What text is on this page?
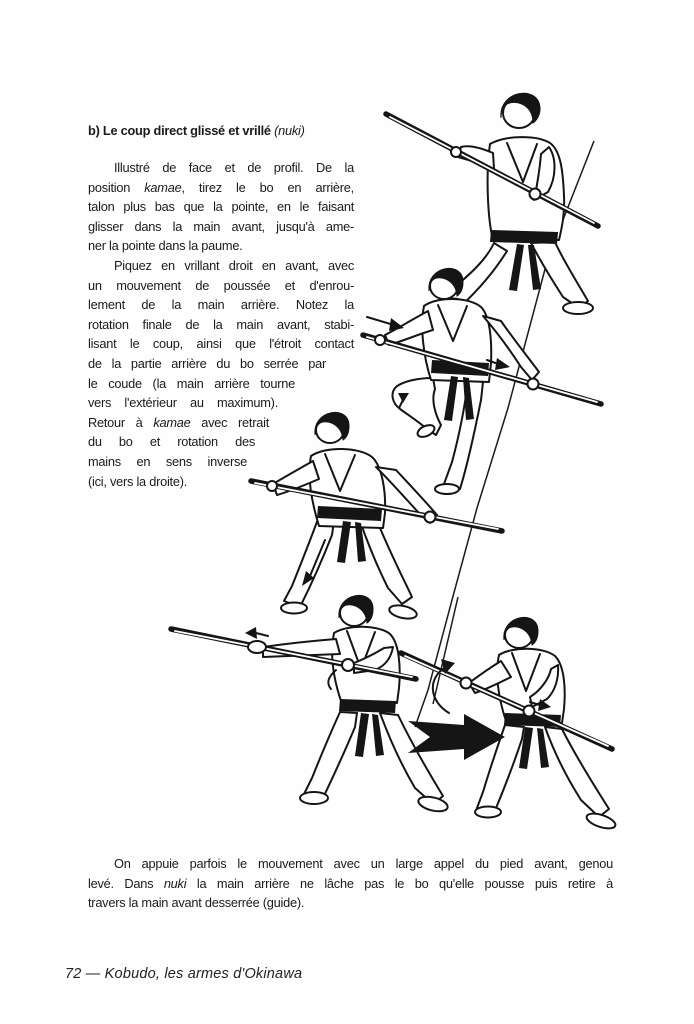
b) Le coup direct glissé et vrillé (nuki)
Illustré de face et de profil. De la
position kamae, tirez le bo en arrière,
talon plus bas que la pointe, en le faisant
glisser dans la main avant, jusqu'à ame-
ner la pointe dans la paume.
Piquez en vrillant droit en avant, avec
un mouvement de poussée et d'enrou-
lement de la main arrière. Notez la
rotation finale de la main avant, stabi-
lisant le coup, ainsi que l'étroit contact
de la partie arrière du bo serrée par
le coude (la main arrière tourne
vers l'extérieur au maximum).
Retour à kamae avec retrait
du bo et rotation des
mains en sens inverse
(ici, vers la droite).
On appuie parfois le mouvement avec un large appel du pied avant, genou
levé. Dans nuki la main arrière ne lâche pas le bo qu'elle pousse puis retire à
travers la main avant desserrée (guide).
72 — Kobudo, les armes d'Okinawa
